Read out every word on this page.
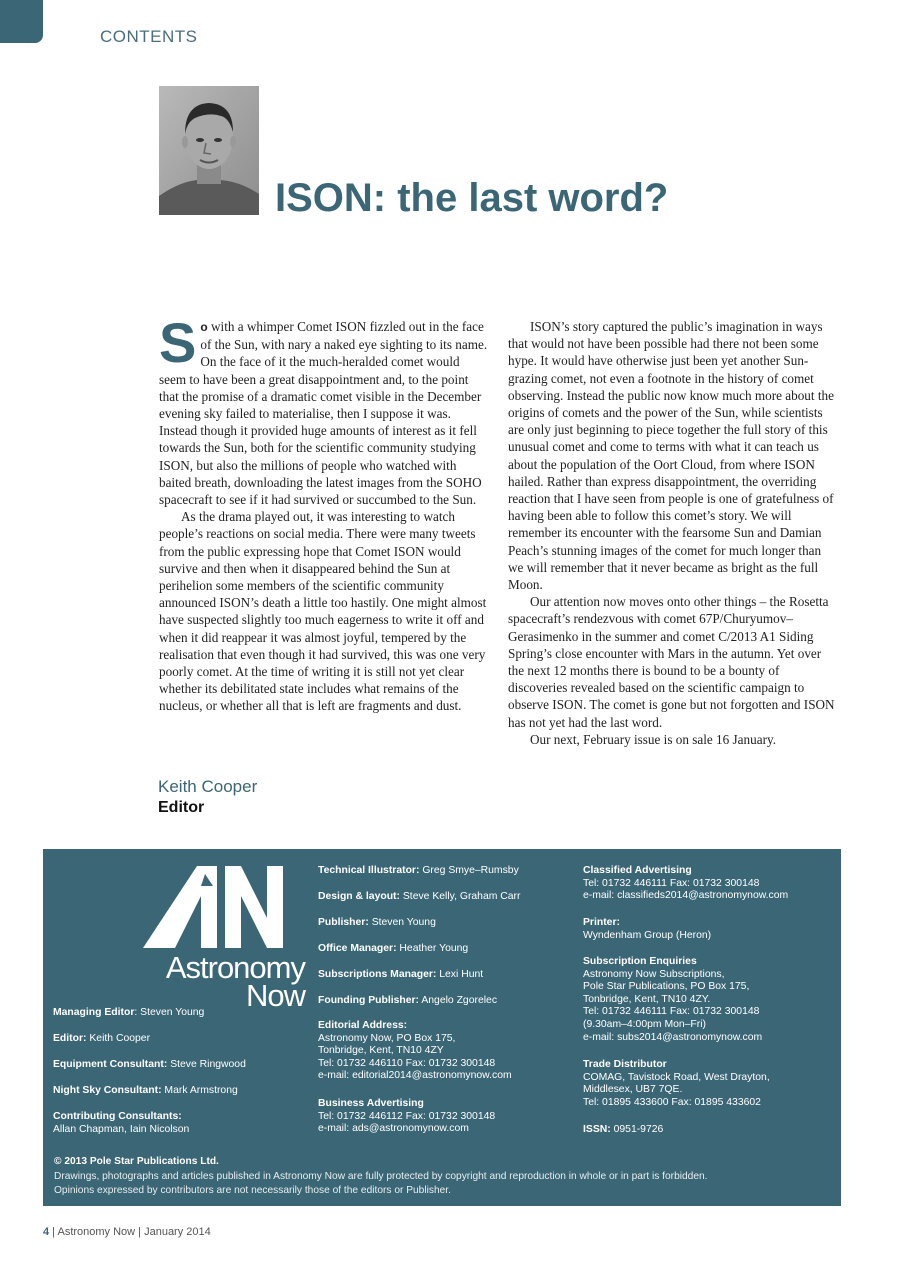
CONTENTS
ISON: the last word?

So with a whimper Comet ISON fizzled out in the face of the Sun, with nary a naked eye sighting to its name. On the face of it the much-heralded comet would seem to have been a great disappointment and, to the point that the promise of a dramatic comet visible in the December evening sky failed to materialise, then I suppose it was. Instead though it provided huge amounts of interest as it fell towards the Sun, both for the scientific community studying ISON, but also the millions of people who watched with baited breath, downloading the latest images from the SOHO spacecraft to see if it had survived or succumbed to the Sun.

As the drama played out, it was interesting to watch people’s reactions on social media. There were many tweets from the public expressing hope that Comet ISON would survive and then when it disappeared behind the Sun at perihelion some members of the scientific community announced ISON’s death a little too hastily. One might almost have suspected slightly too much eagerness to write it off and when it did reappear it was almost joyful, tempered by the realisation that even though it had survived, this was one very poorly comet. At the time of writing it is still not yet clear whether its debilitated state includes what remains of the nucleus, or whether all that is left are fragments and dust.

ISON’s story captured the public’s imagination in ways that would not have been possible had there not been some hype. It would have otherwise just been yet another Sun-grazing comet, not even a footnote in the history of comet observing. Instead the public now know much more about the origins of comets and the power of the Sun, while scientists are only just beginning to piece together the full story of this unusual comet and come to terms with what it can teach us about the population of the Oort Cloud, from where ISON hailed. Rather than express disappointment, the overriding reaction that I have seen from people is one of gratefulness of having been able to follow this comet’s story. We will remember its encounter with the fearsome Sun and Damian Peach’s stunning images of the comet for much longer than we will remember that it never became as bright as the full Moon.

Our attention now moves onto other things – the Rosetta spacecraft’s rendezvous with comet 67P/Churyumov–Gerasimenko in the summer and comet C/2013 A1 Siding Spring’s close encounter with Mars in the autumn. Yet over the next 12 months there is bound to be a bounty of discoveries revealed based on the scientific campaign to observe ISON. The comet is gone but not forgotten and ISON has not yet had the last word.

Our next, February issue is on sale 16 January.

Keith Cooper
Editor
Astronomy
Now
Managing Editor: Steven Young
Editor: Keith Cooper
Equipment Consultant: Steve Ringwood
Night Sky Consultant: Mark Armstrong
Contributing Consultants:
Allan Chapman, Iain Nicolson
Technical Illustrator: Greg Smye–Rumsby
Design & layout: Steve Kelly, Graham Carr
Publisher: Steven Young
Office Manager: Heather Young
Subscriptions Manager: Lexi Hunt
Founding Publisher: Angelo Zgorelec
Editorial Address:
Astronomy Now, PO Box 175,
Tonbridge, Kent, TN10 4ZY
Tel: 01732 446110 Fax: 01732 300148
e-mail: editorial2014@astronomynow.com
Business Advertising
Tel: 01732 446112 Fax: 01732 300148
e-mail: ads@astronomynow.com
Classified Advertising
Tel: 01732 446111 Fax: 01732 300148
e-mail: classifieds2014@astronomynow.com
Printer:
Wyndenham Group (Heron)
Subscription Enquiries
Astronomy Now Subscriptions,
Pole Star Publications, PO Box 175,
Tonbridge, Kent, TN10 4ZY.
Tel: 01732 446111 Fax: 01732 300148
(9.30am–4:00pm Mon–Fri)
e-mail: subs2014@astronomynow.com
Trade Distributor
COMAG, Tavistock Road, West Drayton,
Middlesex, UB7 7QE.
Tel: 01895 433600 Fax: 01895 433602
ISSN: 0951-9726
© 2013 Pole Star Publications Ltd.
Drawings, photographs and articles published in Astronomy Now are fully protected by copyright and reproduction in whole or in part is forbidden.
Opinions expressed by contributors are not necessarily those of the editors or Publisher.
4 | Astronomy Now | January 2014
